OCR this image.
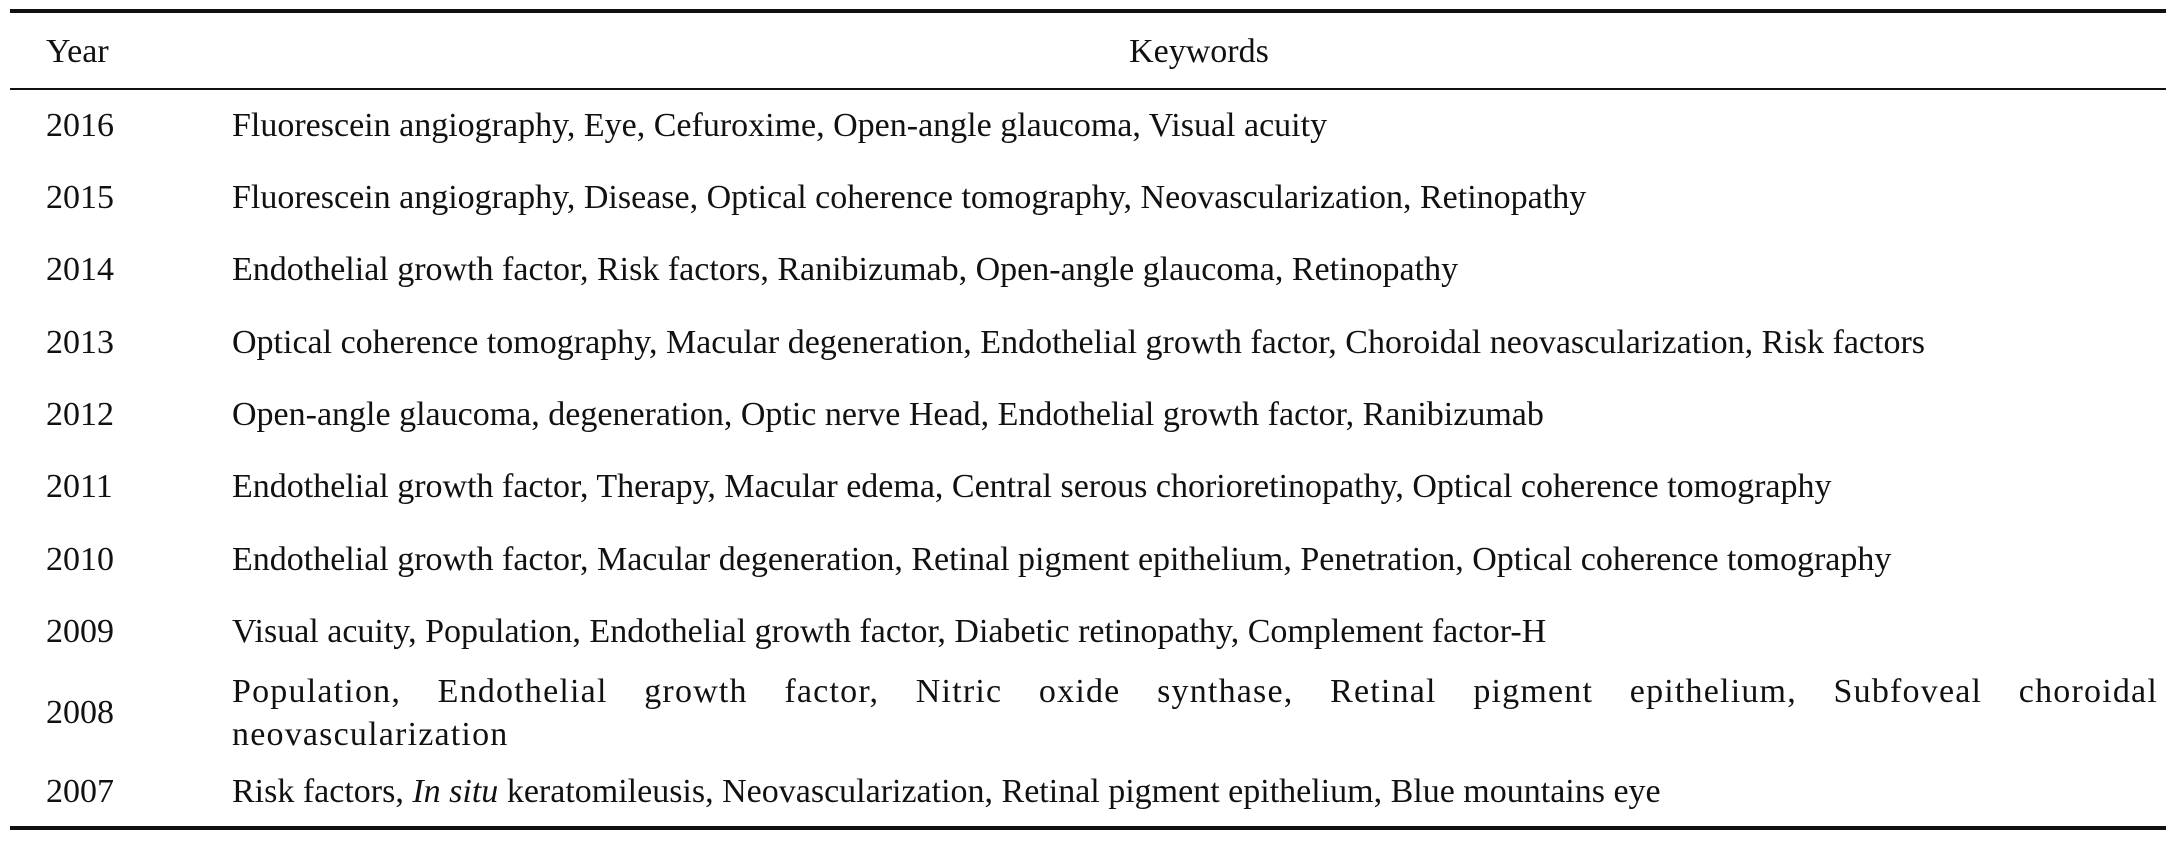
Year	Keywords
2016	Fluorescein angiography, Eye, Cefuroxime, Open-angle glaucoma, Visual acuity
2015	Fluorescein angiography, Disease, Optical coherence tomography, Neovascularization, Retinopathy
2014	Endothelial growth factor, Risk factors, Ranibizumab, Open-angle glaucoma, Retinopathy
2013	Optical coherence tomography, Macular degeneration, Endothelial growth factor, Choroidal neovascularization, Risk factors
2012	Open-angle glaucoma, degeneration, Optic nerve Head, Endothelial growth factor, Ranibizumab
2011	Endothelial growth factor, Therapy, Macular edema, Central serous chorioretinopathy, Optical coherence tomography
2010	Endothelial growth factor, Macular degeneration, Retinal pigment epithelium, Penetration, Optical coherence tomography
2009	Visual acuity, Population, Endothelial growth factor, Diabetic retinopathy, Complement factor-H
2008	Population, Endothelial growth factor, Nitric oxide synthase, Retinal pigment epithelium, Subfoveal choroidal neovascularization
2007	Risk factors, In situ keratomileusis, Neovascularization, Retinal pigment epithelium, Blue mountains eye
